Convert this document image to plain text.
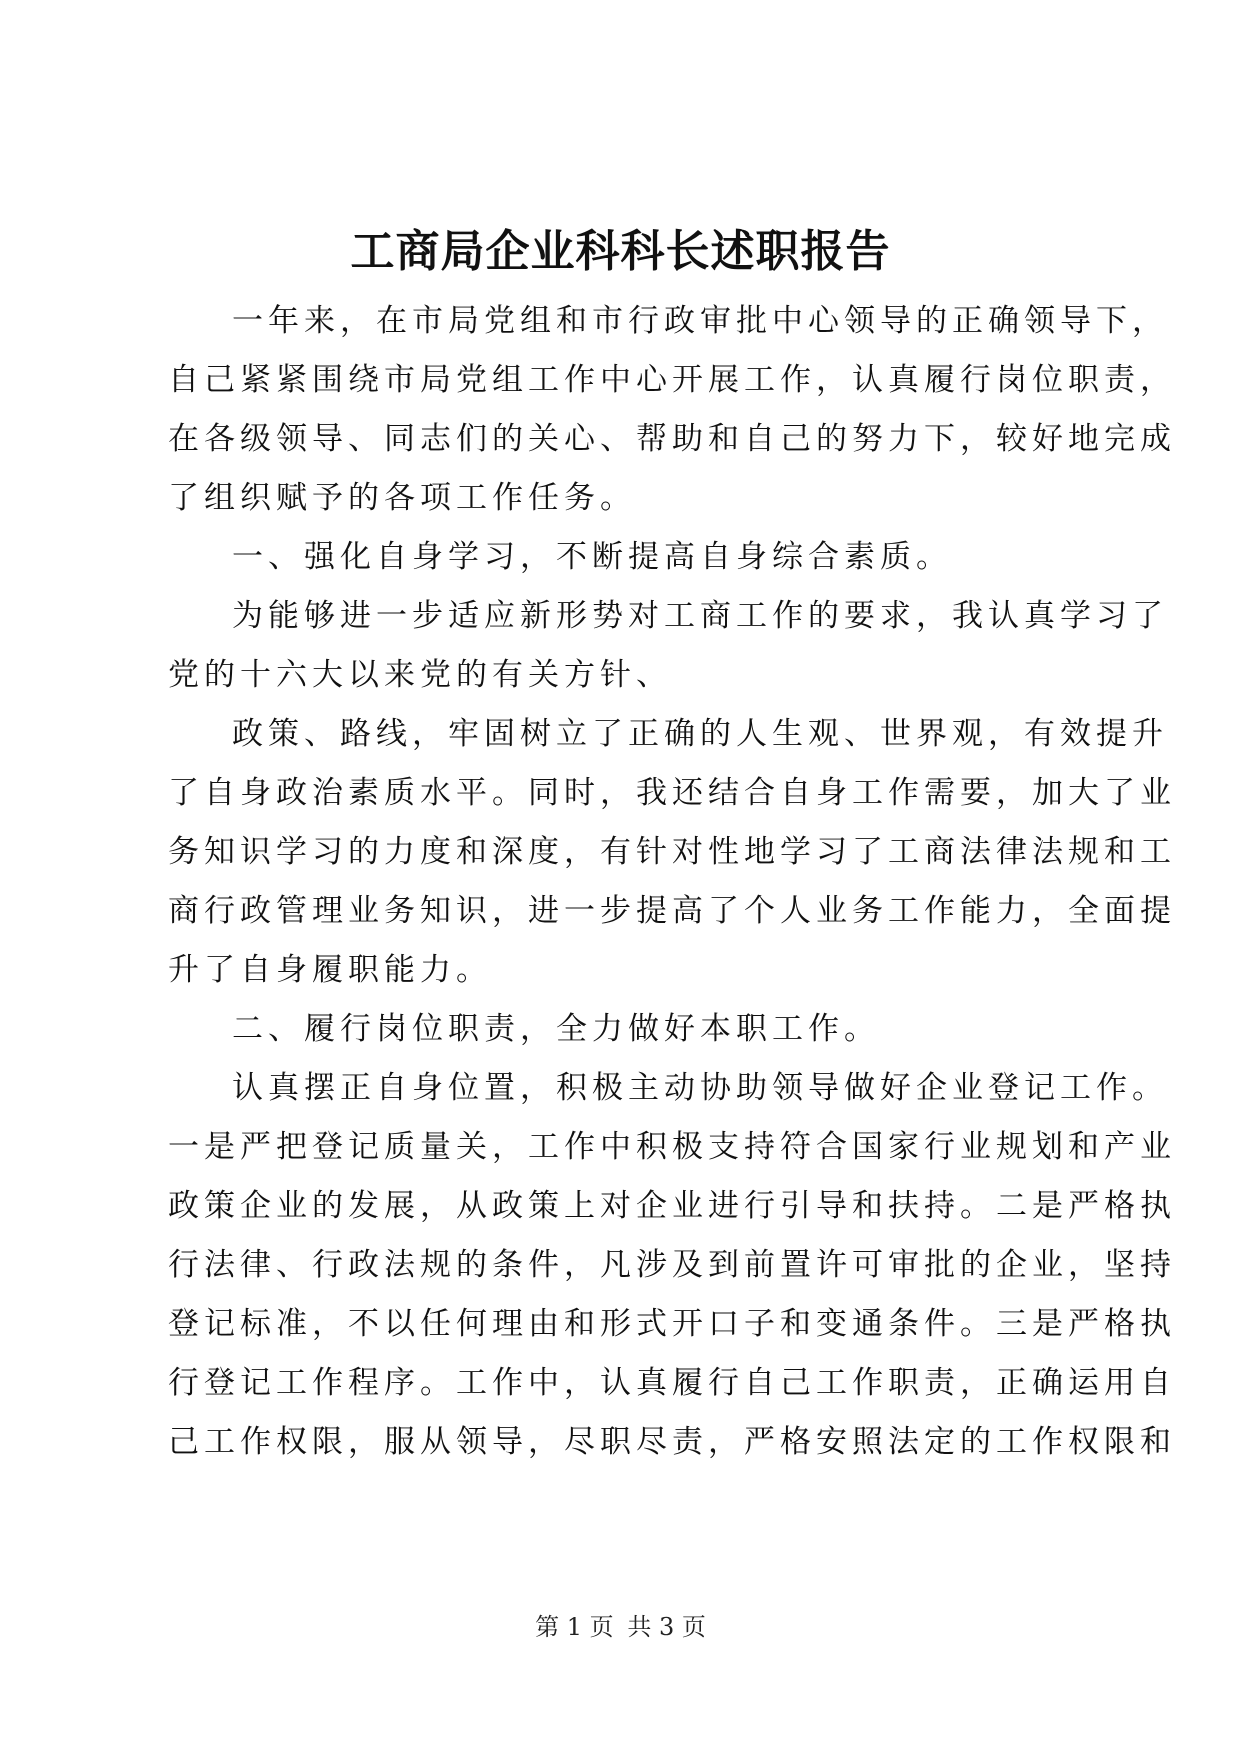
工商局企业科科长述职报告

一年来，在市局党组和市行政审批中心领导的正确领导下，
自己紧紧围绕市局党组工作中心开展工作，认真履行岗位职责，
在各级领导、同志们的关心、帮助和自己的努力下，较好地完成
了组织赋予的各项工作任务。

一、强化自身学习，不断提高自身综合素质。

为能够进一步适应新形势对工商工作的要求，我认真学习了
党的十六大以来党的有关方针、

政策、路线，牢固树立了正确的人生观、世界观，有效提升
了自身政治素质水平。同时，我还结合自身工作需要，加大了业
务知识学习的力度和深度，有针对性地学习了工商法律法规和工
商行政管理业务知识，进一步提高了个人业务工作能力，全面提
升了自身履职能力。

二、履行岗位职责，全力做好本职工作。

认真摆正自身位置，积极主动协助领导做好企业登记工作。
一是严把登记质量关，工作中积极支持符合国家行业规划和产业
政策企业的发展，从政策上对企业进行引导和扶持。二是严格执
行法律、行政法规的条件，凡涉及到前置许可审批的企业，坚持
登记标准，不以任何理由和形式开口子和变通条件。三是严格执
行登记工作程序。工作中，认真履行自己工作职责，正确运用自
己工作权限，服从领导，尽职尽责，严格安照法定的工作权限和

第 1 页 共 3 页
